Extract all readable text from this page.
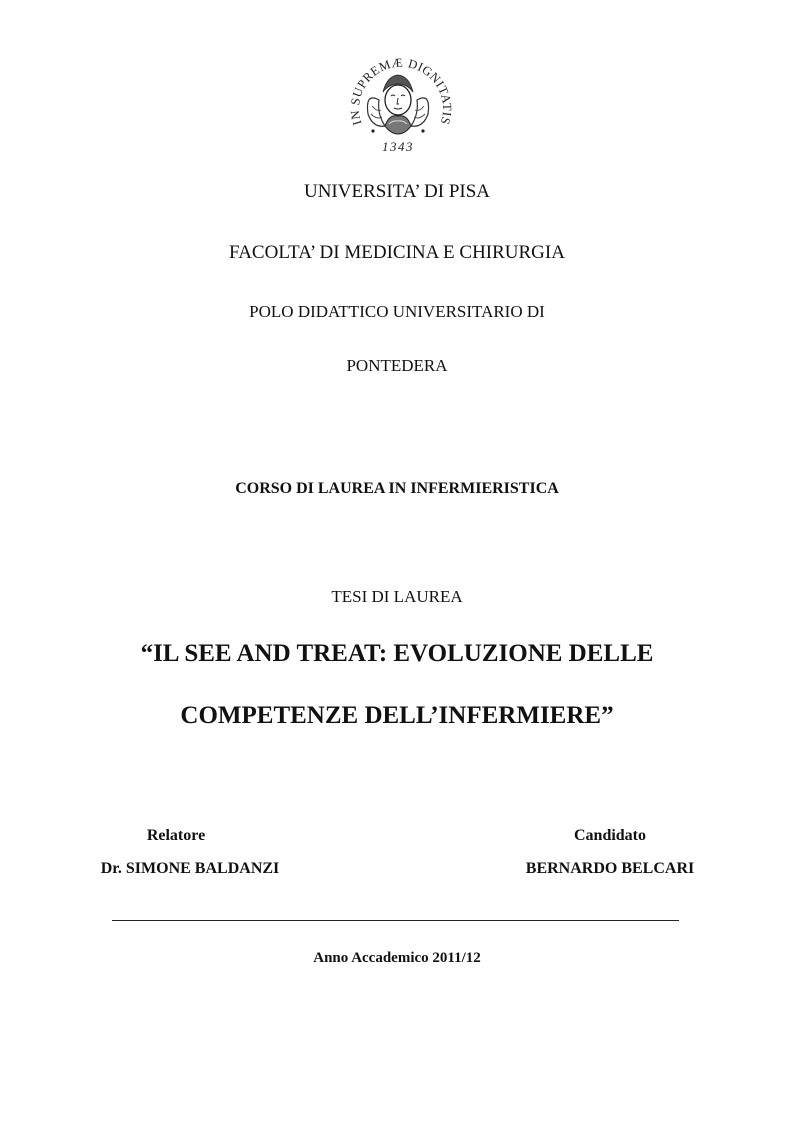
IN SUPREMÆ DIGNITATIS
1343
UNIVERSITA’ DI PISA
FACOLTA’ DI MEDICINA E CHIRURGIA
POLO DIDATTICO UNIVERSITARIO DI
PONTEDERA
CORSO DI LAUREA IN INFERMIERISTICA
TESI DI LAUREA
“IL SEE AND TREAT: EVOLUZIONE DELLE
COMPETENZE DELL’INFERMIERE”
Relatore
Dr. SIMONE BALDANZI
Candidato
BERNARDO BELCARI
Anno Accademico 2011/12
